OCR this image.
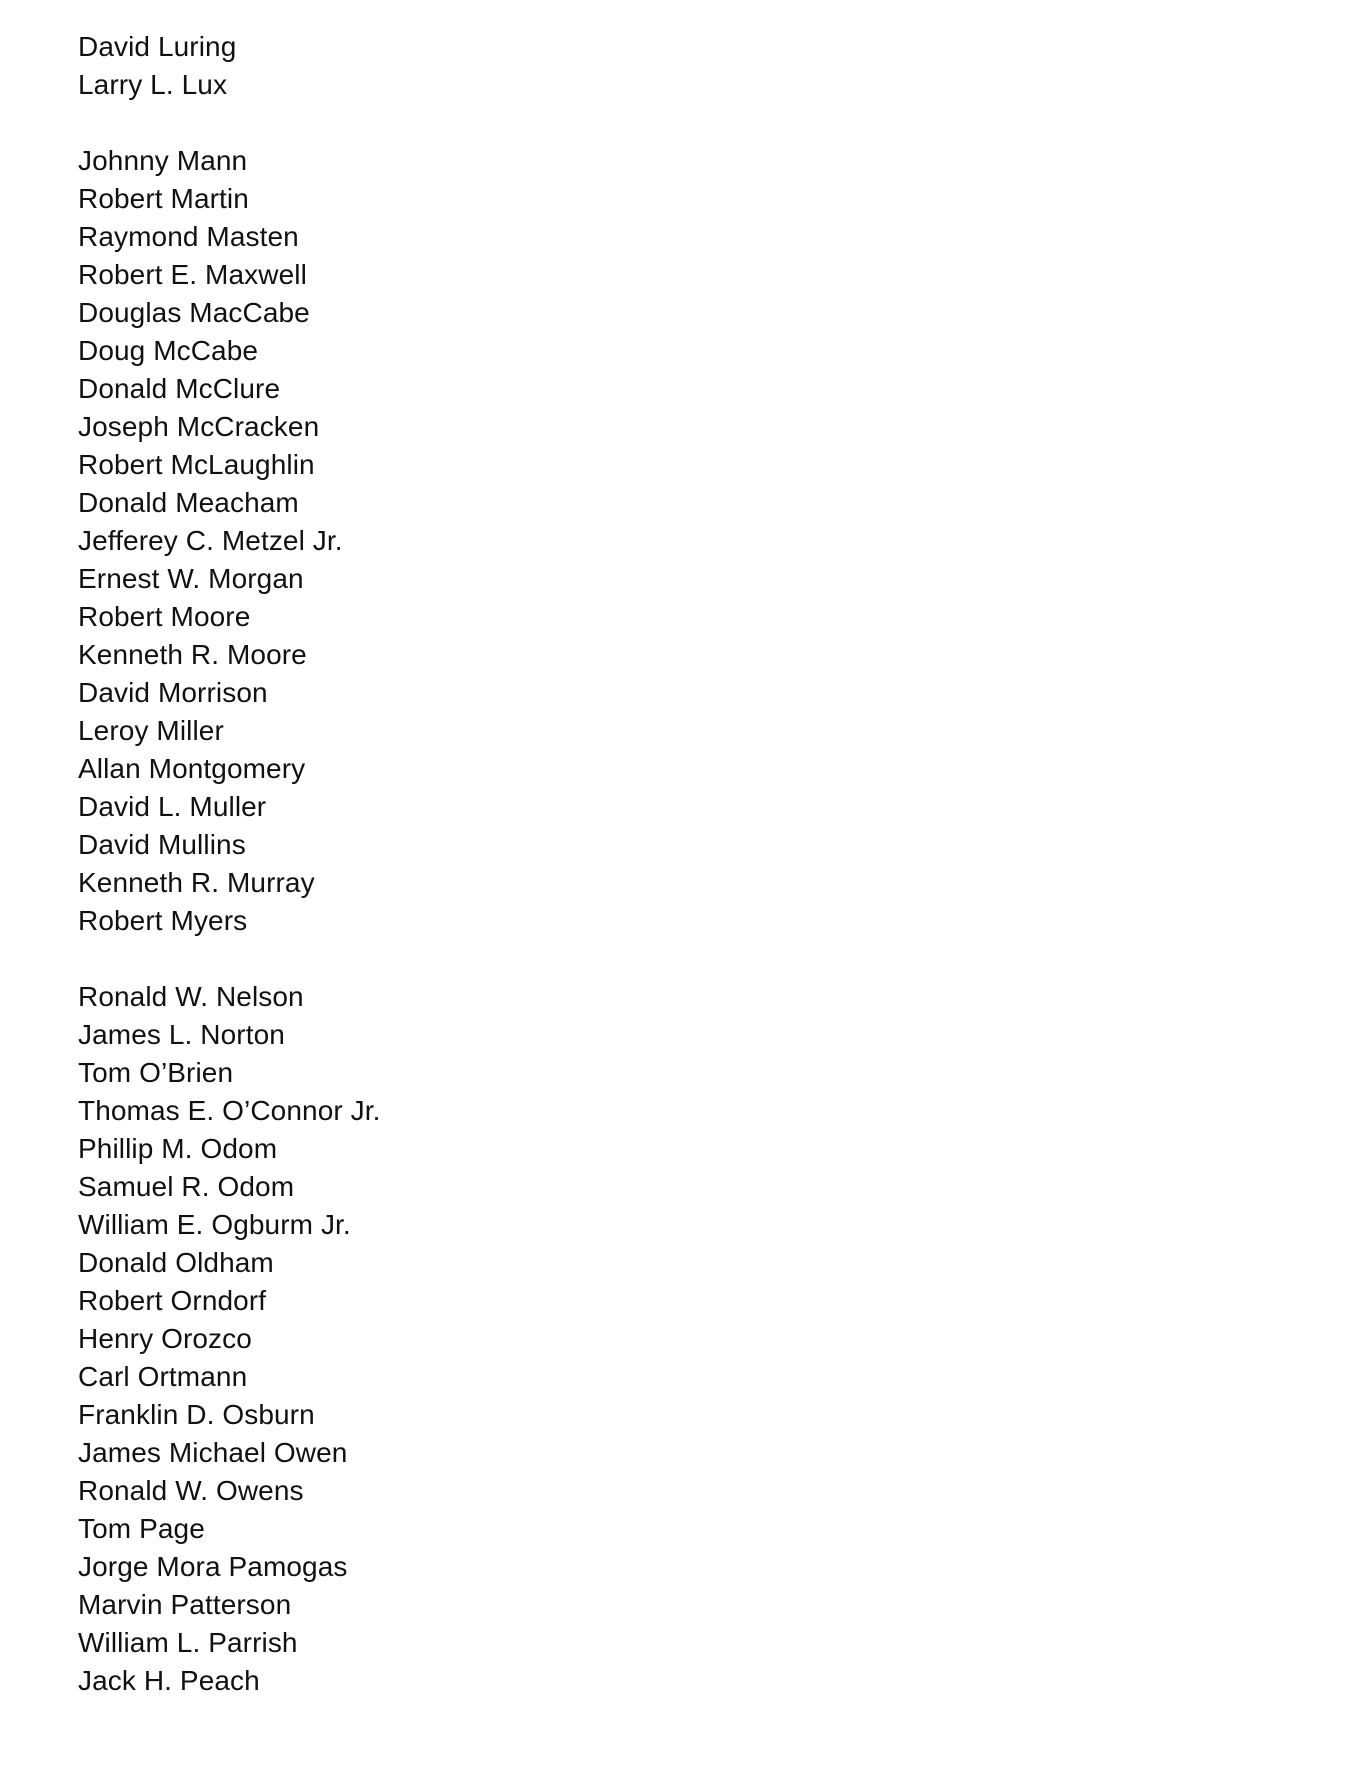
David Luring
Larry L. Lux
Johnny Mann
Robert Martin
Raymond Masten
Robert E. Maxwell
Douglas MacCabe
Doug McCabe
Donald McClure
Joseph McCracken
Robert McLaughlin
Donald Meacham
Jefferey C. Metzel Jr.
Ernest W. Morgan
Robert Moore
Kenneth R. Moore
David Morrison
Leroy Miller
Allan Montgomery
David L. Muller
David Mullins
Kenneth R. Murray
Robert Myers
Ronald W. Nelson
James L. Norton
Tom O’Brien
Thomas E. O’Connor Jr.
Phillip M. Odom
Samuel R. Odom
William E. Ogburm Jr.
Donald Oldham
Robert Orndorf
Henry Orozco
Carl Ortmann
Franklin D. Osburn
James Michael Owen
Ronald W. Owens
Tom Page
Jorge Mora Pamogas
Marvin Patterson
William L. Parrish
Jack H. Peach
